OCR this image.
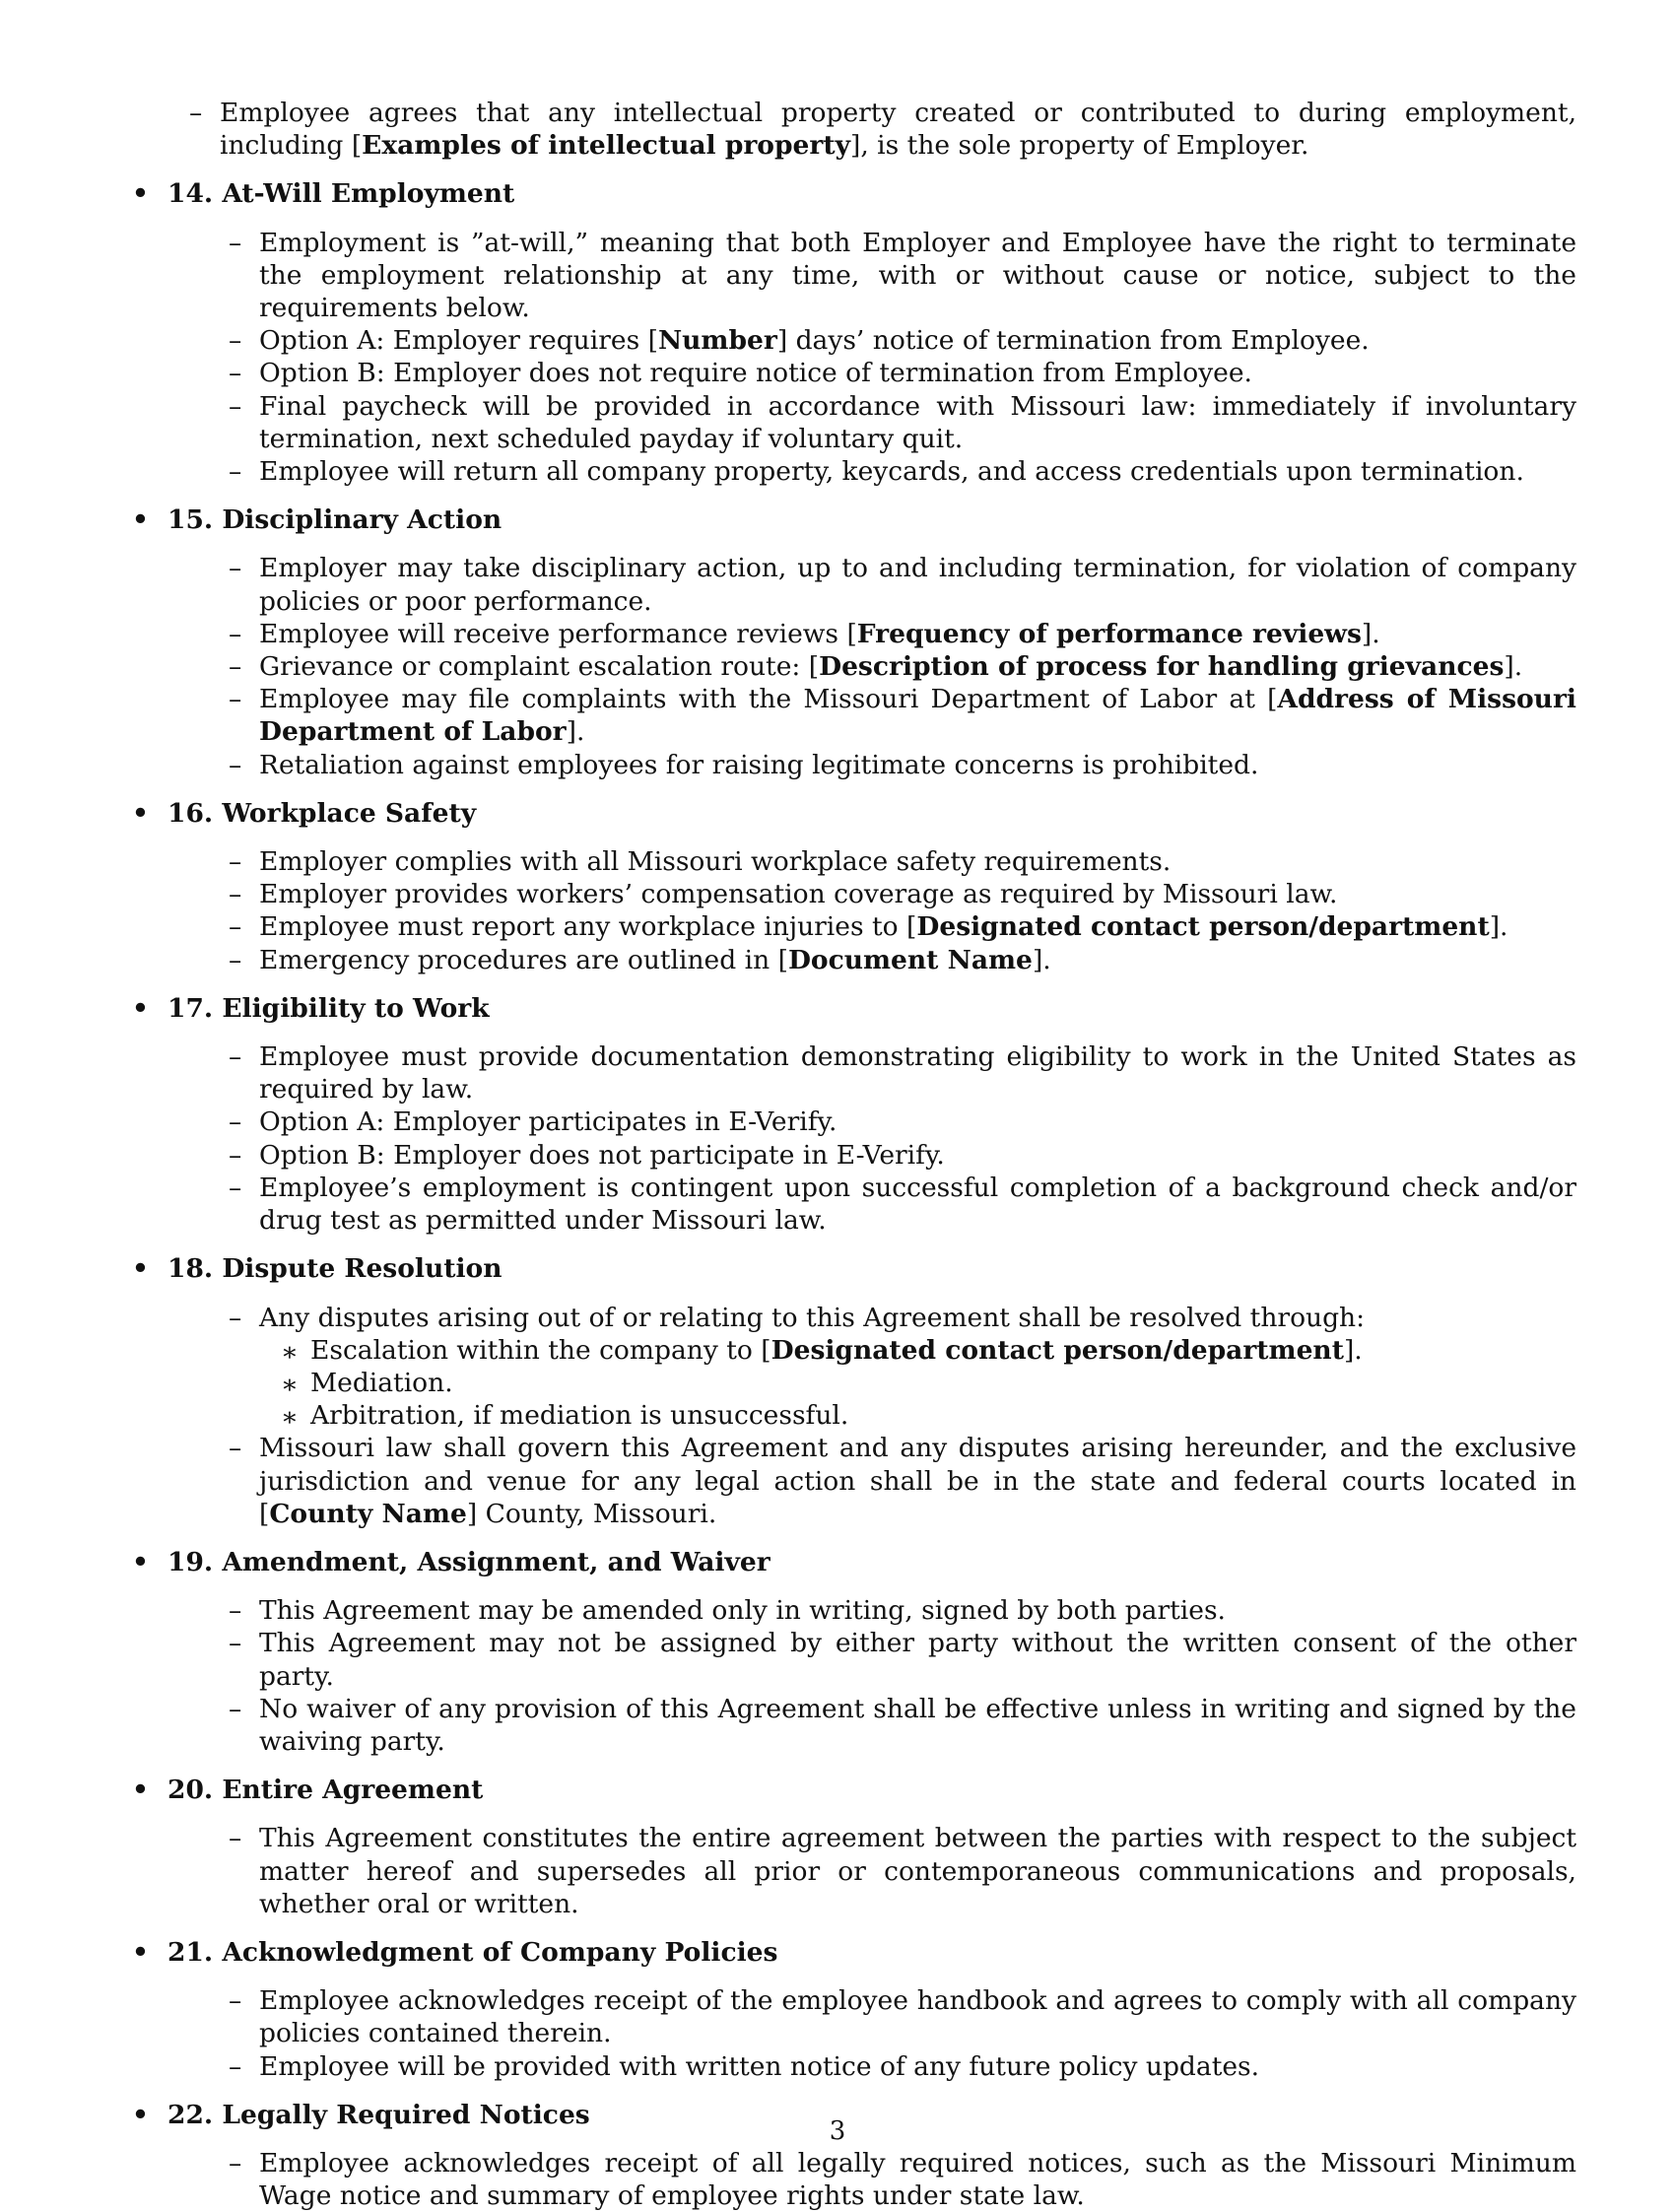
– Employee agrees that any intellectual property created or contributed to during employment, including [Examples of intellectual property], is the sole property of Employer.
• 14. At-Will Employment
– Employment is ”at-will,” meaning that both Employer and Employee have the right to terminate the employment relationship at any time, with or without cause or notice, subject to the requirements below.
– Option A: Employer requires [Number] days’ notice of termination from Employee.
– Option B: Employer does not require notice of termination from Employee.
– Final paycheck will be provided in accordance with Missouri law: immediately if involuntary termination, next scheduled payday if voluntary quit.
– Employee will return all company property, keycards, and access credentials upon termination.
• 15. Disciplinary Action
– Employer may take disciplinary action, up to and including termination, for violation of company policies or poor performance.
– Employee will receive performance reviews [Frequency of performance reviews].
– Grievance or complaint escalation route: [Description of process for handling grievances].
– Employee may file complaints with the Missouri Department of Labor at [Address of Missouri Department of Labor].
– Retaliation against employees for raising legitimate concerns is prohibited.
• 16. Workplace Safety
– Employer complies with all Missouri workplace safety requirements.
– Employer provides workers’ compensation coverage as required by Missouri law.
– Employee must report any workplace injuries to [Designated contact person/department].
– Emergency procedures are outlined in [Document Name].
• 17. Eligibility to Work
– Employee must provide documentation demonstrating eligibility to work in the United States as required by law.
– Option A: Employer participates in E-Verify.
– Option B: Employer does not participate in E-Verify.
– Employee’s employment is contingent upon successful completion of a background check and/or drug test as permitted under Missouri law.
• 18. Dispute Resolution
– Any disputes arising out of or relating to this Agreement shall be resolved through:
∗ Escalation within the company to [Designated contact person/department].
∗ Mediation.
∗ Arbitration, if mediation is unsuccessful.
– Missouri law shall govern this Agreement and any disputes arising hereunder, and the exclusive jurisdiction and venue for any legal action shall be in the state and federal courts located in [County Name] County, Missouri.
• 19. Amendment, Assignment, and Waiver
– This Agreement may be amended only in writing, signed by both parties.
– This Agreement may not be assigned by either party without the written consent of the other party.
– No waiver of any provision of this Agreement shall be effective unless in writing and signed by the waiving party.
• 20. Entire Agreement
– This Agreement constitutes the entire agreement between the parties with respect to the subject matter hereof and supersedes all prior or contemporaneous communications and proposals, whether oral or written.
• 21. Acknowledgment of Company Policies
– Employee acknowledges receipt of the employee handbook and agrees to comply with all company policies contained therein.
– Employee will be provided with written notice of any future policy updates.
• 22. Legally Required Notices
– Employee acknowledges receipt of all legally required notices, such as the Missouri Minimum Wage notice and summary of employee rights under state law.
3
